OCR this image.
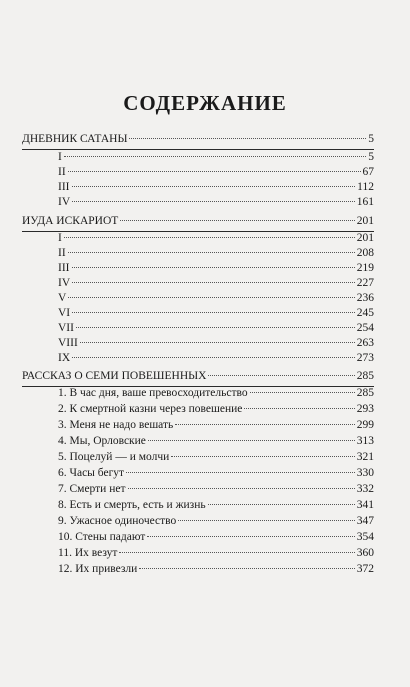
СОДЕРЖАНИЕ
ДНЕВНИК САТАНЫ	5
I	5
II	67
III	112
IV	161
ИУДА ИСКАРИОТ	201
I	201
II	208
III	219
IV	227
V	236
VI	245
VII	254
VIII	263
IX	273
РАССКАЗ О СЕМИ ПОВЕШЕННЫХ	285
1. В час дня, ваше превосходительство	285
2. К смертной казни через повешение	293
3. Меня не надо вешать	299
4. Мы, Орловские	313
5. Поцелуй — и молчи	321
6. Часы бегут	330
7. Смерти нет	332
8. Есть и смерть, есть и жизнь	341
9. Ужасное одиночество	347
10. Стены падают	354
11. Их везут	360
12. Их привезли	372
